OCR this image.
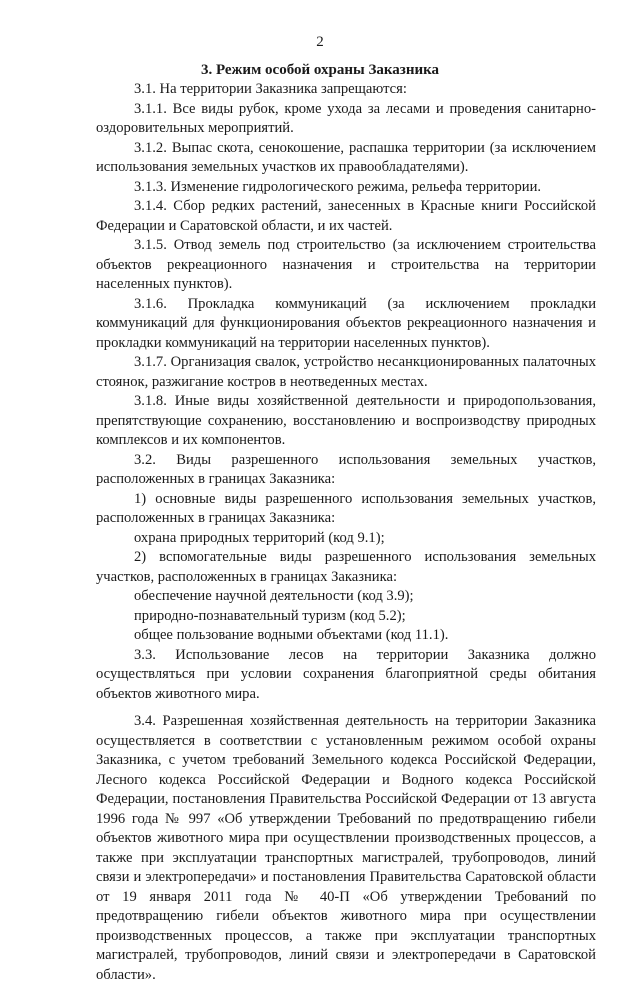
2
3. Режим особой охраны Заказника

3.1. На территории Заказника запрещаются:

3.1.1. Все виды рубок, кроме ухода за лесами и проведения санитарно-оздоровительных мероприятий.

3.1.2. Выпас скота, сенокошение, распашка территории (за исключением использования земельных участков их правообладателями).

3.1.3. Изменение гидрологического режима, рельефа территории.

3.1.4. Сбор редких растений, занесенных в Красные книги Российской Федерации и Саратовской области, и их частей.

3.1.5. Отвод земель под строительство (за исключением строительства объектов рекреационного назначения и строительства на территории населенных пунктов).

3.1.6. Прокладка коммуникаций (за исключением прокладки коммуникаций для функционирования объектов рекреационного назначения и прокладки коммуникаций на территории населенных пунктов).

3.1.7. Организация свалок, устройство несанкционированных палаточных стоянок, разжигание костров в неотведенных местах.

3.1.8. Иные виды хозяйственной деятельности и природопользования, препятствующие сохранению, восстановлению и воспроизводству природных комплексов и их компонентов.

3.2. Виды разрешенного использования земельных участков, расположенных в границах Заказника:

1) основные виды разрешенного использования земельных участков, расположенных в границах Заказника:

охрана природных территорий (код 9.1);

2) вспомогательные виды разрешенного использования земельных участков, расположенных в границах Заказника:

обеспечение научной деятельности (код 3.9);

природно-познавательный туризм (код 5.2);

общее пользование водными объектами (код 11.1).

3.3. Использование лесов на территории Заказника должно осуществляться при условии сохранения благоприятной среды обитания объектов животного мира.

3.4. Разрешенная хозяйственная деятельность на территории Заказника осуществляется в соответствии с установленным режимом особой охраны Заказника, с учетом требований Земельного кодекса Российской Федерации, Лесного кодекса Российской Федерации и Водного кодекса Российской Федерации, постановления Правительства Российской Федерации от 13 августа 1996 года № 997 «Об утверждении Требований по предотвращению гибели объектов животного мира при осуществлении производственных процессов, а также при эксплуатации транспортных магистралей, трубопроводов, линий связи и электропередачи» и постановления Правительства Саратовской области от 19 января 2011 года № 40-П «Об утверждении Требований по предотвращению гибели объектов животного мира при осуществлении производственных процессов, а также при эксплуатации транспортных магистралей, трубопроводов, линий связи и электропередачи в Саратовской области».
